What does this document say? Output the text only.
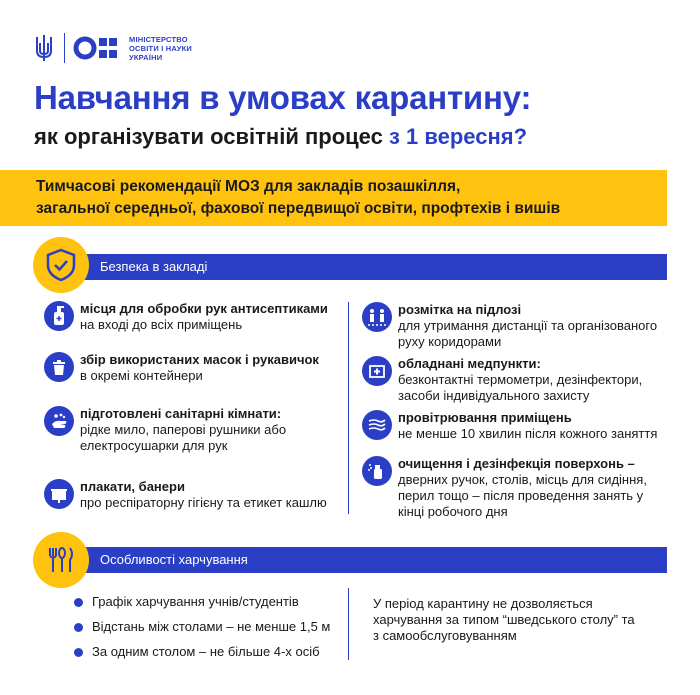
МІНІСТЕРСТВО
ОСВІТИ І НАУКИ
УКРАЇНИ
Навчання в умовах карантину:
як організувати освітній процес з 1 вересня?
Тимчасові рекомендації МОЗ для закладів позашкілля,
загальної середньої, фахової передвищої освіти, профтехів і вишів
Безпека в закладі
місця для обробки рук антисептиками
на вході до всіх приміщень
збір використаних масок і рукавичок
в окремі контейнери
підготовлені санітарні кімнати:
рідке мило, паперові рушники або
електросушарки для рук
плакати, банери
про респіраторну гігієну та етикет кашлю
розмітка на підлозі
для утримання дистанції та організованого
руху коридорами
обладнані медпункти:
безконтактні термометри, дезінфектори,
засоби індивідуального захисту
провітрювання приміщень
не менше 10 хвилин після кожного заняття
очищення і дезінфекція поверхонь –
дверних ручок, столів, місць для сидіння,
перил тощо – після проведення занять у
кінці робочого дня
Особливості харчування
Графік харчування учнів/студентів
Відстань між столами – не менше 1,5 м
За одним столом – не більше 4-х осіб
У період карантину не дозволяється
харчування за типом “шведського столу” та
з самообслуговуванням
